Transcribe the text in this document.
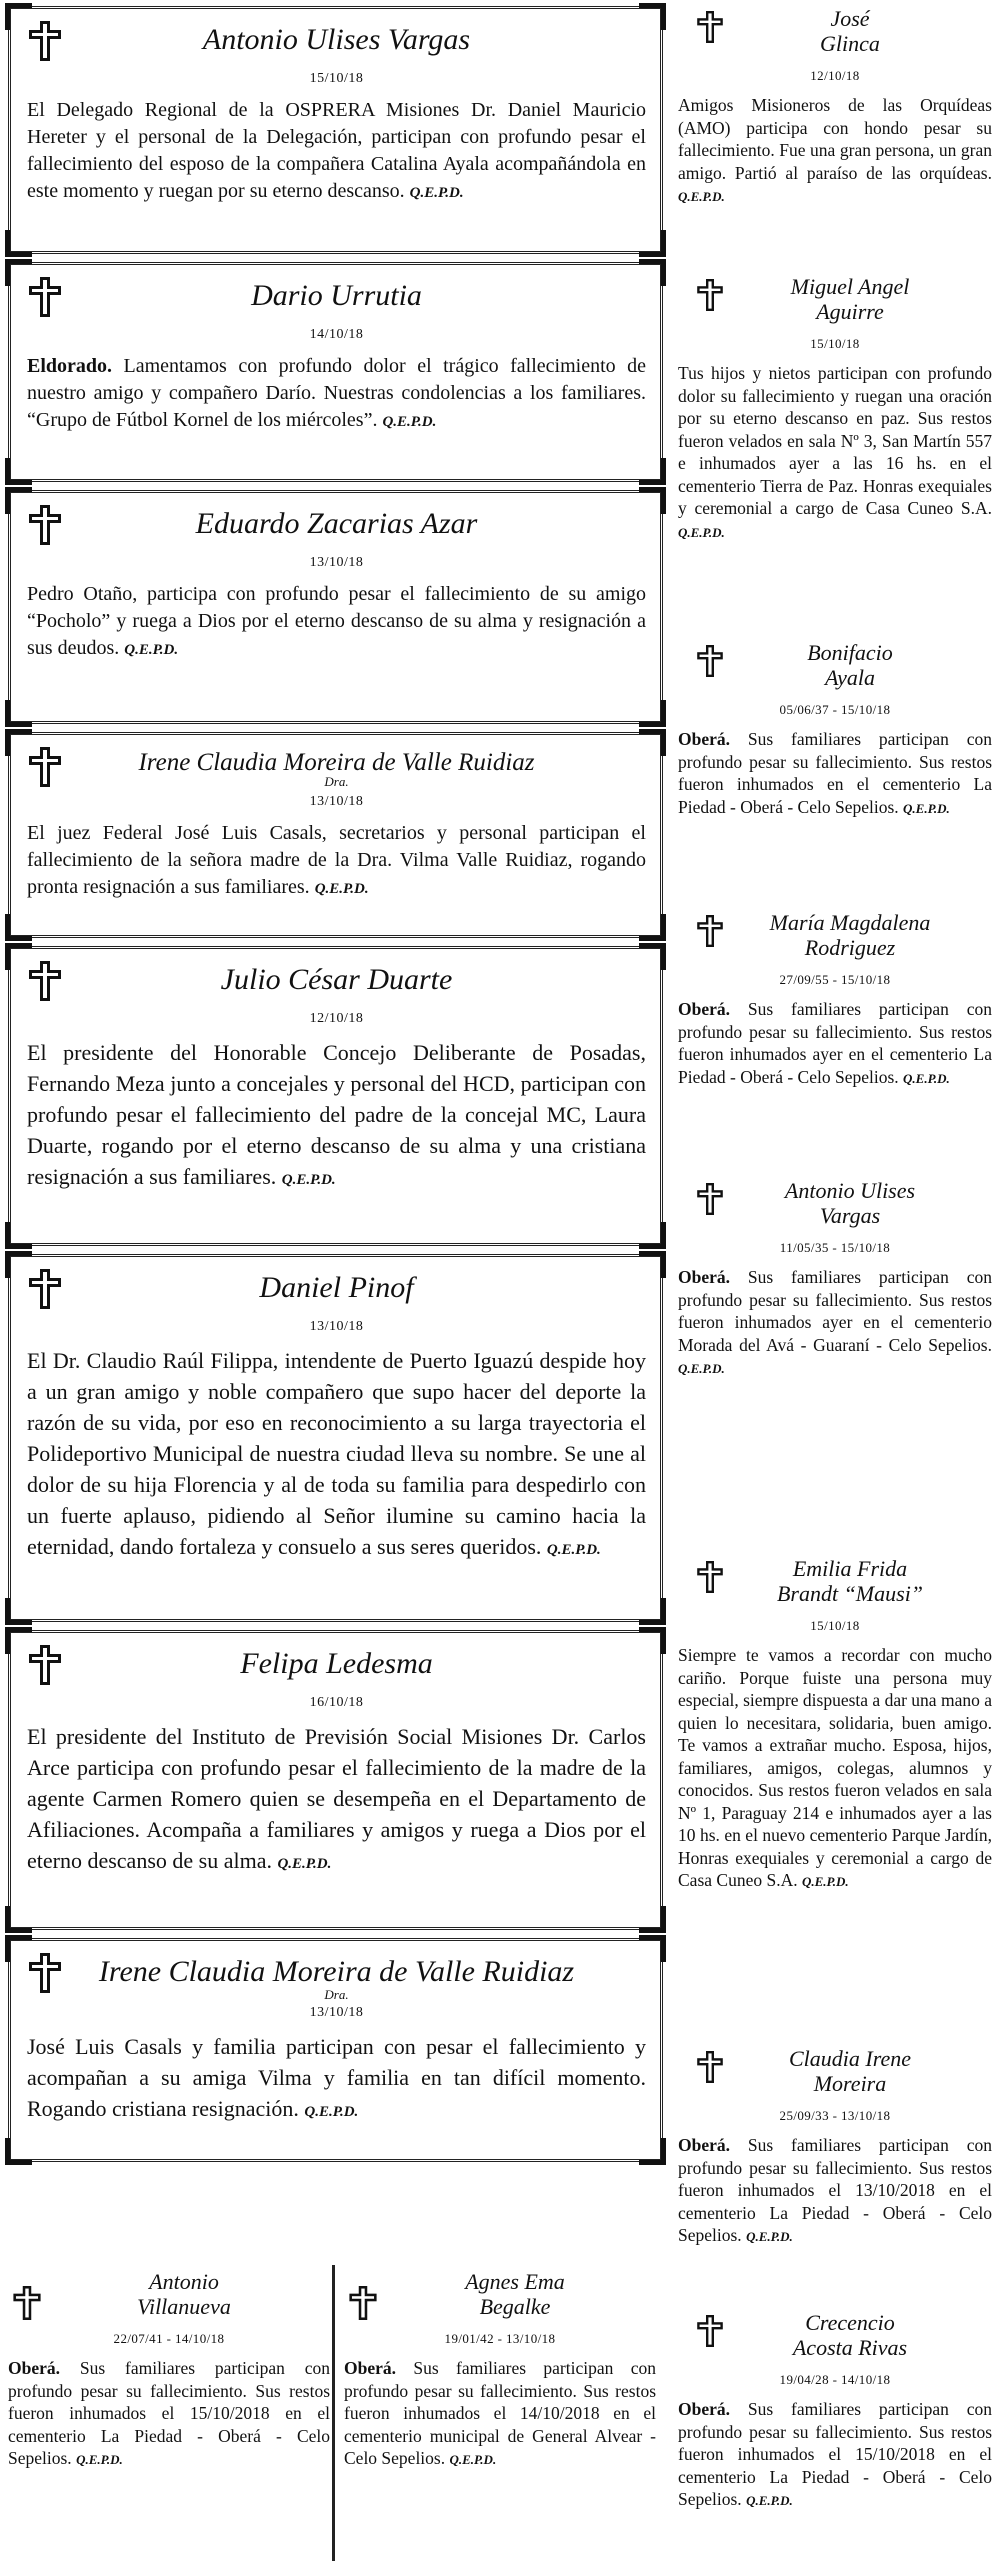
Antonio Ulises Vargas
15/10/18
El Delegado Regional de la OSPRERA Misiones Dr. Daniel Mauricio Hereter y el personal de la Delegación, participan con profundo pesar el fallecimiento del esposo de la compañera Catalina Ayala acompañándola en este momento y ruegan por su eterno descanso. Q.E.P.D.
Dario Urrutia
14/10/18
Eldorado. Lamentamos con profundo dolor el trágico fallecimiento de nuestro amigo y compañero Darío. Nuestras condolencias a los familiares. “Grupo de Fútbol Kornel de los miércoles”. Q.E.P.D.
Eduardo Zacarias Azar
13/10/18
Pedro Otaño, participa con profundo pesar el fallecimiento de su amigo “Pocholo” y ruega a Dios por el eterno descanso de su alma y resignación a sus deudos. Q.E.P.D.
Irene Claudia Moreira de Valle Ruidiaz
Dra.
13/10/18
El juez Federal José Luis Casals, secretarios y personal participan el fallecimiento de la señora madre de la Dra. Vilma Valle Ruidiaz, rogando pronta resignación a sus familiares. Q.E.P.D.
Julio César Duarte
12/10/18
El presidente del Honorable Concejo Deliberante de Posadas, Fernando Meza junto a concejales y personal del HCD, participan con profundo pesar el fallecimiento del padre de la concejal MC, Laura Duarte, rogando por el eterno descanso de su alma y una cristiana resignación a sus familiares. Q.E.P.D.
Daniel Pinof
13/10/18
El Dr. Claudio Raúl Filippa, intendente de Puerto Iguazú despide hoy a un gran amigo y noble compañero que supo hacer del deporte la razón de su vida, por eso en reconocimiento a su larga trayectoria el Polideportivo Municipal de nuestra ciudad lleva su nombre. Se une al dolor de su hija Florencia y al de toda su familia para despedirlo con un fuerte aplauso, pidiendo al Señor ilumine su camino hacia la eternidad, dando fortaleza y consuelo a sus seres queridos. Q.E.P.D.
Felipa Ledesma
16/10/18
El presidente del Instituto de Previsión Social Misiones Dr. Carlos Arce participa con profundo pesar el fallecimiento de la madre de la agente Carmen Romero quien se desempeña en el Departamento de Afiliaciones. Acompaña a familiares y amigos y ruega a Dios por el eterno descanso de su alma. Q.E.P.D.
Irene Claudia Moreira de Valle Ruidiaz
Dra.
13/10/18
José Luis Casals y familia participan con pesar el fallecimiento y acompañan a su amiga Vilma y familia en tan difícil momento. Rogando cristiana resignación. Q.E.P.D.
Antonio
Villanueva
22/07/41 - 14/10/18
Oberá. Sus familiares participan con profundo pesar su fallecimiento. Sus restos fueron inhumados el 15/10/2018 en el cementerio La Piedad - Oberá - Celo Sepelios. Q.E.P.D.
Agnes Ema
Begalke
19/01/42 - 13/10/18
Oberá. Sus familiares participan con profundo pesar su fallecimiento. Sus restos fueron inhumados el 14/10/2018 en el cementerio municipal de General Alvear - Celo Sepelios. Q.E.P.D.
José
Glinca
12/10/18
Amigos Misioneros de las Orquídeas (AMO) participa con hondo pesar su fallecimiento. Fue una gran persona, un gran amigo. Partió al paraíso de las orquídeas. Q.E.P.D.
Miguel Angel
Aguirre
15/10/18
Tus hijos y nietos participan con profundo dolor su fallecimiento y ruegan una oración por su eterno descanso en paz. Sus restos fueron velados en sala Nº 3, San Martín 557 e inhumados ayer a las 16 hs. en el cementerio Tierra de Paz. Honras exequiales y ceremonial a cargo de Casa Cuneo S.A. Q.E.P.D.
Bonifacio
Ayala
05/06/37 - 15/10/18
Oberá. Sus familiares participan con profundo pesar su fallecimiento. Sus restos fueron inhumados en el cementerio La Piedad - Oberá - Celo Sepelios. Q.E.P.D.
María Magdalena
Rodriguez
27/09/55 - 15/10/18
Oberá. Sus familiares participan con profundo pesar su fallecimiento. Sus restos fueron inhumados ayer en el cementerio La Piedad - Oberá - Celo Sepelios. Q.E.P.D.
Antonio Ulises
Vargas
11/05/35 - 15/10/18
Oberá. Sus familiares participan con profundo pesar su fallecimiento. Sus restos fueron inhumados ayer en el cementerio Morada del Avá - Guaraní - Celo Sepelios. Q.E.P.D.
Emilia Frida
Brandt “Mausi”
15/10/18
Siempre te vamos a recordar con mucho cariño. Porque fuiste una persona muy especial, siempre dispuesta a dar una mano a quien lo necesitara, solidaria, buen amigo. Te vamos a extrañar mucho. Esposa, hijos, familiares, amigos, colegas, alumnos y conocidos. Sus restos fueron velados en sala Nº 1, Paraguay 214 e inhumados ayer a las 10 hs. en el nuevo cementerio Parque Jardín, Honras exequiales y ceremonial a cargo de Casa Cuneo S.A. Q.E.P.D.
Claudia Irene
Moreira
25/09/33 - 13/10/18
Oberá. Sus familiares participan con profundo pesar su fallecimiento. Sus restos fueron inhumados el 13/10/2018 en el cementerio La Piedad - Oberá - Celo Sepelios. Q.E.P.D.
Crecencio
Acosta Rivas
19/04/28 - 14/10/18
Oberá. Sus familiares participan con profundo pesar su fallecimiento. Sus restos fueron inhumados el 15/10/2018 en el cementerio La Piedad - Oberá - Celo Sepelios. Q.E.P.D.
